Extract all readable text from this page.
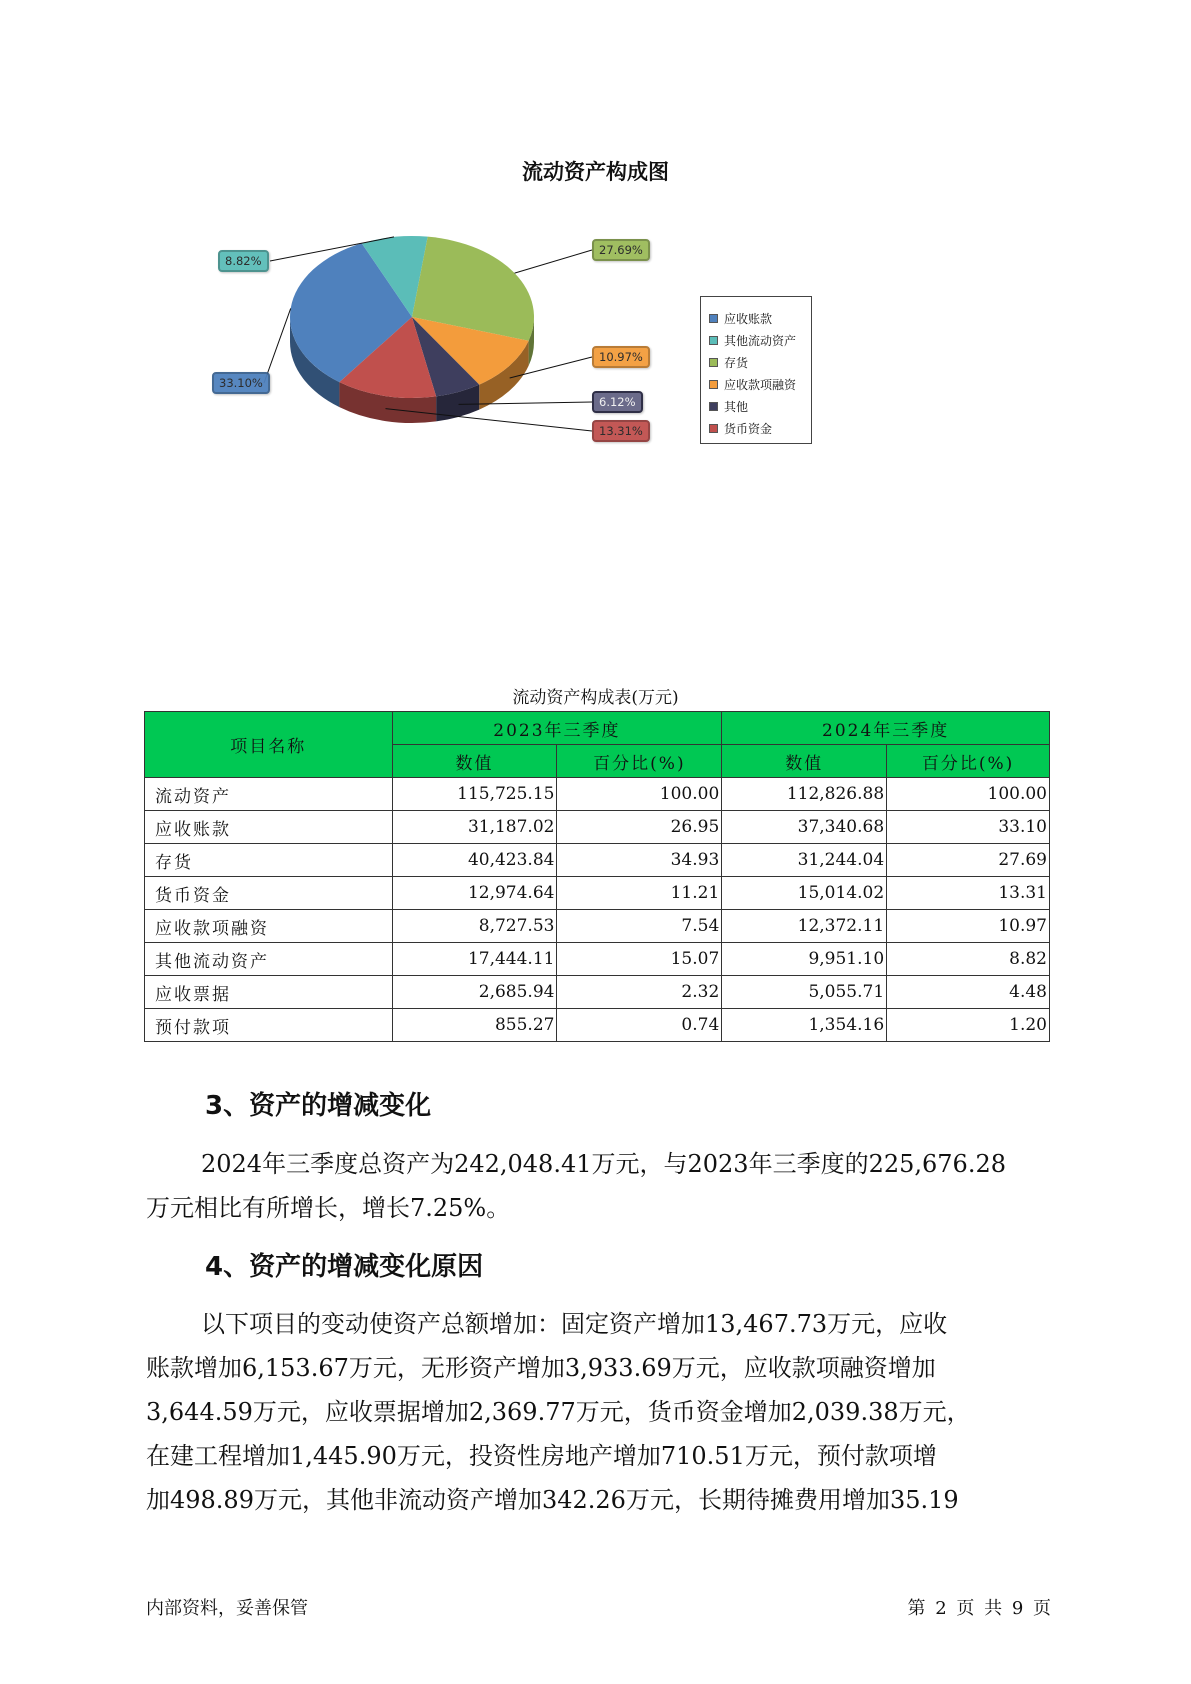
流动资产构成图
应收账款
其他流动资产
存货
应收款项融资
其他
货币资金
流动资产构成表(万元)
项目名称	2023年三季度		2024年三季度	
	数值	百分比(%)	数值	百分比(%)
流动资产	115,725.15	100.00	112,826.88	100.00
应收账款	31,187.02	26.95	37,340.68	33.10
存货	40,423.84	34.93	31,244.04	27.69
货币资金	12,974.64	11.21	15,014.02	13.31
应收款项融资	8,727.53	7.54	12,372.11	10.97
其他流动资产	17,444.11	15.07	9,951.10	8.82
应收票据	2,685.94	2.32	5,055.71	4.48
预付款项	855.27	0.74	1,354.16	1.20
3、资产的增减变化
2024年三季度总资产为242,048.41万元，与2023年三季度的225,676.28
万元相比有所增长，增长7.25%。
4、资产的增减变化原因
以下项目的变动使资产总额增加：固定资产增加13,467.73万元，应收
账款增加6,153.67万元，无形资产增加3,933.69万元，应收款项融资增加
3,644.59万元，应收票据增加2,369.77万元，货币资金增加2,039.38万元，
在建工程增加1,445.90万元，投资性房地产增加710.51万元，预付款项增
加498.89万元，其他非流动资产增加342.26万元，长期待摊费用增加35.19
内部资料，妥善保管	第 2 页 共 9 页
33.10%
8.82%
27.69%
10.97%
6.12%
13.31%
